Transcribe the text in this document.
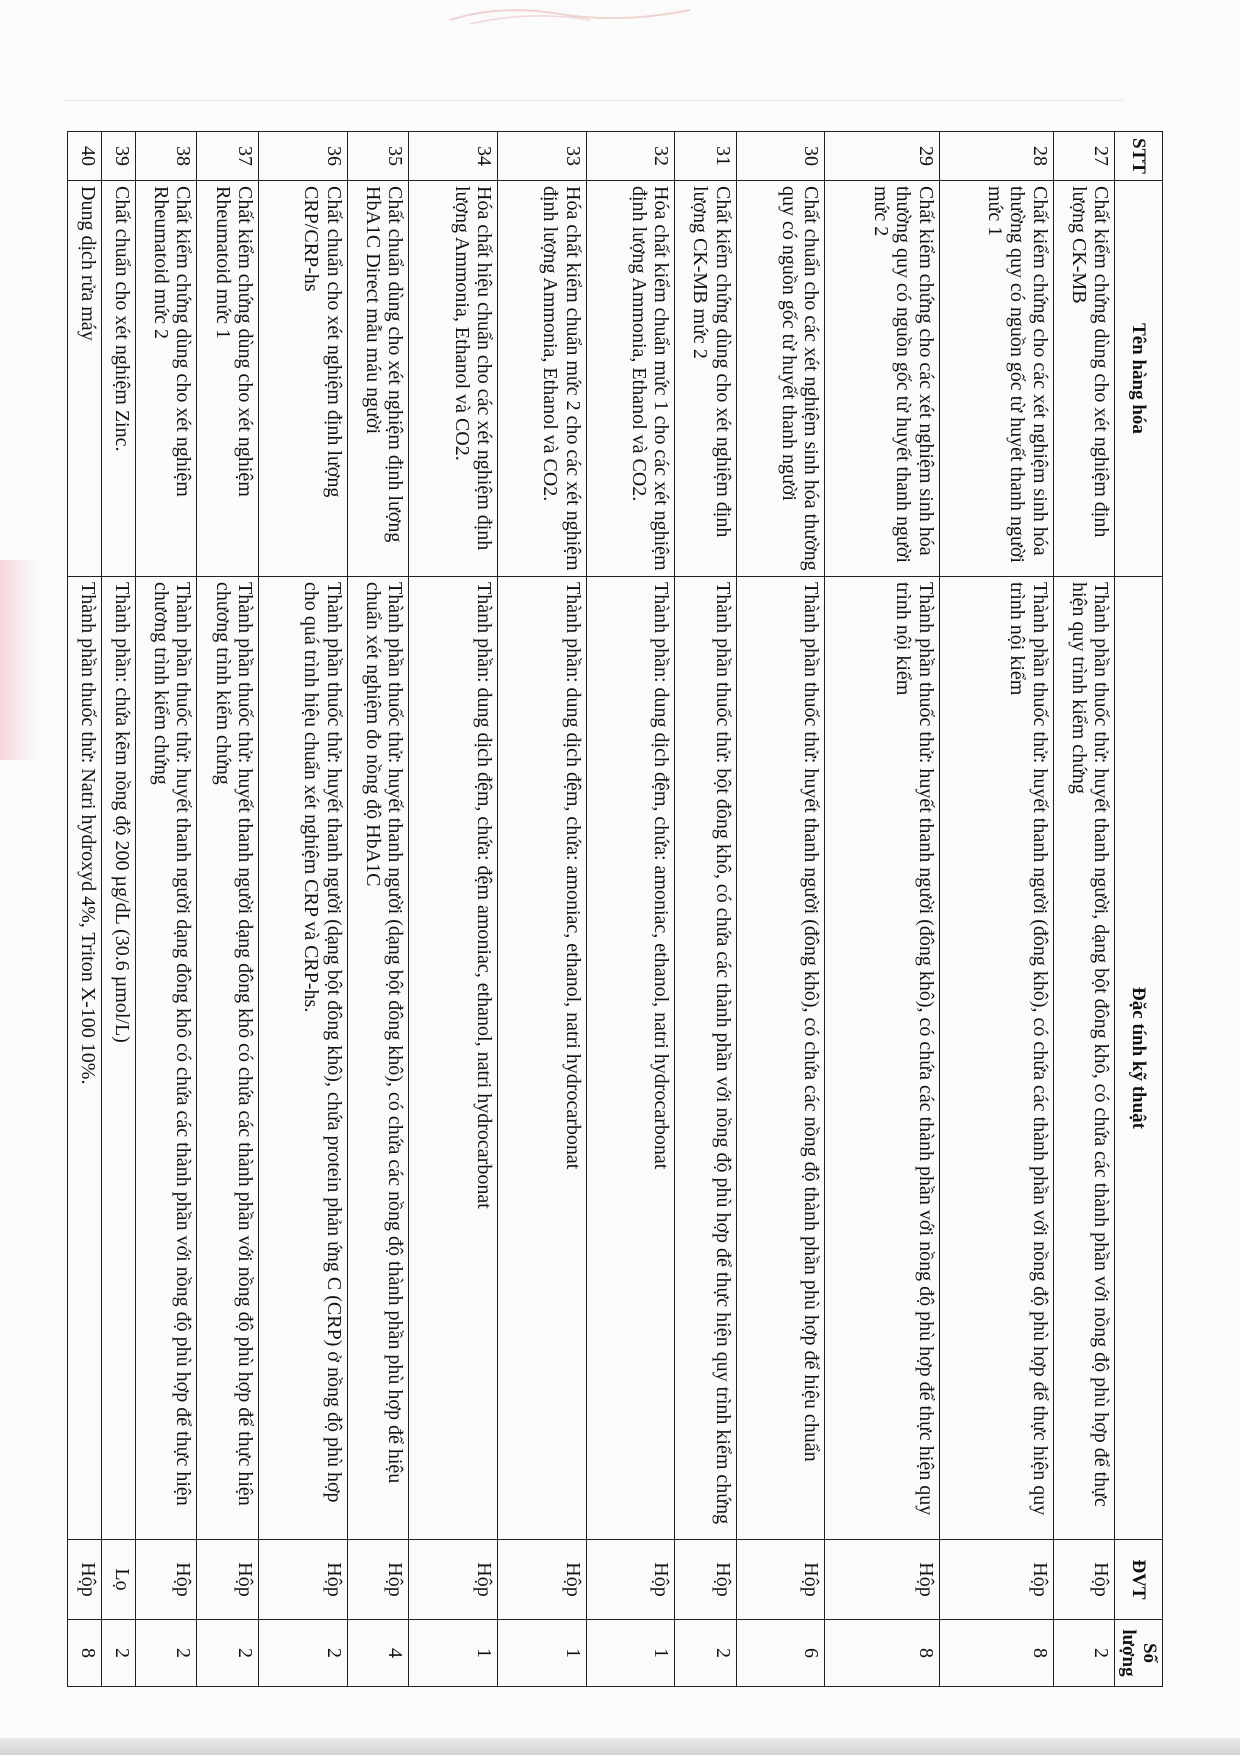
STT	Tên hàng hóa	Đặc tính kỹ thuật	ĐVT	Số lượng
27	Chất kiểm chứng dùng cho xét nghiệm định lượng CK-MB	Thành phần thuốc thử: huyết thanh người, dạng bột đông khô, có chứa các thành phần với nồng độ phù hợp để thực hiện quy trình kiểm chứng	Hộp	2
28	Chất kiểm chứng cho các xét nghiệm sinh hóa thường quy có nguồn gốc từ huyết thanh người mức 1	Thành phần thuốc thử: huyết thanh người (đông khô), có chứa các thành phần với nồng độ phù hợp để thực hiện quy trình nội kiểm	Hộp	8
29	Chất kiểm chứng cho các xét nghiệm sinh hóa thường quy có nguồn gốc từ huyết thanh người mức 2	Thành phần thuốc thử: huyết thanh người (đông khô), có chứa các thành phần với nồng độ phù hợp để thực hiện quy trình nội kiểm	Hộp	8
30	Chất chuẩn cho các xét nghiệm sinh hóa thường quy có nguồn gốc từ huyết thanh người	Thành phần thuốc thử: huyết thanh người (đông khô), có chứa các nồng độ thành phần phù hợp để hiệu chuẩn	Hộp	6
31	Chất kiểm chứng dùng cho xét nghiệm định lượng CK-MB mức 2	Thành phần thuốc thử: bột đông khô, có chứa các thành phần với nồng độ phù hợp để thực hiện quy trình kiểm chứng	Hộp	2
32	Hóa chất kiểm chuẩn mức 1 cho các xét nghiệm định lượng Ammonia, Ethanol và CO2.	Thành phần: dung dịch đệm, chứa: amoniac, ethanol, natri hydrocarbonat	Hộp	1
33	Hóa chất kiểm chuẩn mức 2 cho các xét nghiệm định lượng Ammonia, Ethanol và CO2.	Thành phần: dung dịch đệm, chứa: amoniac, ethanol, natri hydrocarbonat	Hộp	1
34	Hóa chất hiệu chuẩn cho các xét nghiệm định lượng Ammonia, Ethanol và CO2.	Thành phần: dung dịch đệm, chứa: đệm amoniac, ethanol, natri hydrocarbonat	Hộp	1
35	Chất chuẩn dùng cho xét nghiệm định lượng HbA1C Direct mẫu máu người	Thành phần thuốc thử: huyết thanh người (dạng bột đông khô), có chứa các nồng độ thành phần phù hợp để hiệu chuẩn xét nghiệm đo nồng độ HbA1C	Hộp	4
36	Chất chuẩn cho xét nghiệm định lượng CRP/CRP-hs	Thành phần thuốc thử: huyết thanh người (dạng bột đông khô), chứa protein phản ứng C (CRP) ở nồng độ phù hợp cho quá trình hiệu chuẩn xét nghiệm CRP và CRP-hs.	Hộp	2
37	Chất kiểm chứng dùng cho xét nghiệm Rheumatoid mức 1	Thành phần thuốc thử: huyết thanh người dạng đông khô có chứa các thành phần với nồng độ phù hợp để thực hiện chương trình kiểm chứng	Hộp	2
38	Chất kiểm chứng dùng cho xét nghiệm Rheumatoid mức 2	Thành phần thuốc thử: huyết thanh người dạng đông khô có chứa các thành phần với nồng độ phù hợp để thực hiện chương trình kiểm chứng	Hộp	2
39	Chất chuẩn cho xét nghiệm Zinc.	Thành phần: chứa kẽm nồng độ 200 µg/dL (30.6 µmol/L)	Lọ	2
40	Dung dịch rửa máy	Thành phần thuốc thử: Natri hydroxyd 4%, Triton X-100 10%.	Hộp	8
